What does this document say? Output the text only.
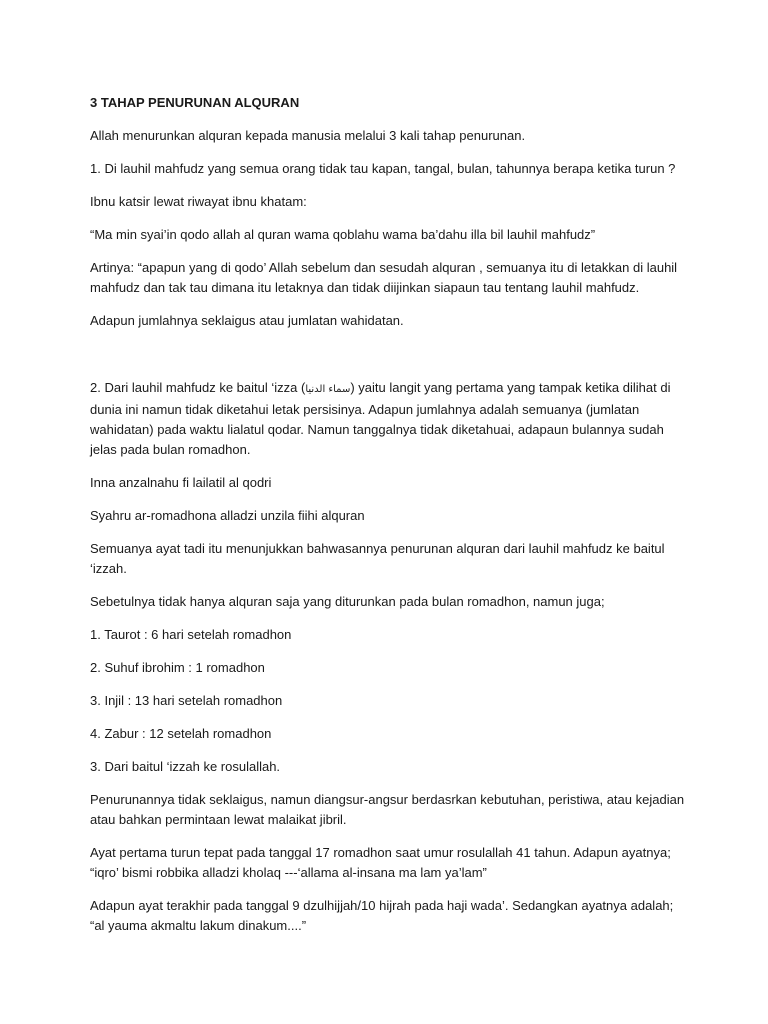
3 TAHAP PENURUNAN ALQURAN

Allah menurunkan alquran kepada manusia melalui 3 kali tahap penurunan.

1. Di lauhil mahfudz yang semua orang tidak tau kapan, tangal, bulan, tahunnya berapa ketika turun ?

Ibnu katsir lewat riwayat ibnu khatam:

“Ma min syai’in qodo allah al quran wama qoblahu wama ba’dahu illa bil lauhil mahfudz”

Artinya: “apapun yang di qodo’ Allah sebelum dan sesudah alquran , semuanya itu di letakkan di lauhil mahfudz dan tak tau dimana itu letaknya dan tidak diijinkan siapaun tau tentang lauhil mahfudz.

Adapun jumlahnya seklaigus atau jumlatan wahidatan.

2. Dari lauhil mahfudz ke baitul ‘izza (سماء الدنيا) yaitu langit yang pertama yang tampak ketika dilihat di dunia ini namun tidak diketahui letak persisinya. Adapun jumlahnya adalah semuanya (jumlatan wahidatan) pada waktu lialatul qodar. Namun tanggalnya tidak diketahuai, adapaun bulannya sudah jelas pada bulan romadhon.

Inna anzalnahu fi lailatil al qodri

Syahru ar-romadhona alladzi unzila fiihi alquran

Semuanya ayat tadi itu menunjukkan bahwasannya penurunan alquran dari lauhil mahfudz ke baitul ‘izzah.

Sebetulnya tidak hanya alquran saja yang diturunkan pada bulan romadhon, namun juga;

1. Taurot : 6 hari setelah romadhon

2. Suhuf ibrohim : 1 romadhon

3. Injil : 13 hari setelah romadhon

4. Zabur : 12 setelah romadhon

3. Dari baitul ‘izzah ke rosulallah.

Penurunannya tidak seklaigus, namun diangsur-angsur berdasrkan kebutuhan, peristiwa, atau kejadian atau bahkan permintaan lewat malaikat jibril.

Ayat pertama turun tepat pada tanggal 17 romadhon saat umur rosulallah 41 tahun. Adapun ayatnya; “iqro’ bismi robbika alladzi kholaq ---‘allama al-insana ma lam ya’lam”

Adapun ayat terakhir pada tanggal 9 dzulhijjah/10 hijrah pada haji wada’. Sedangkan ayatnya adalah; “al yauma akmaltu lakum dinakum....”
